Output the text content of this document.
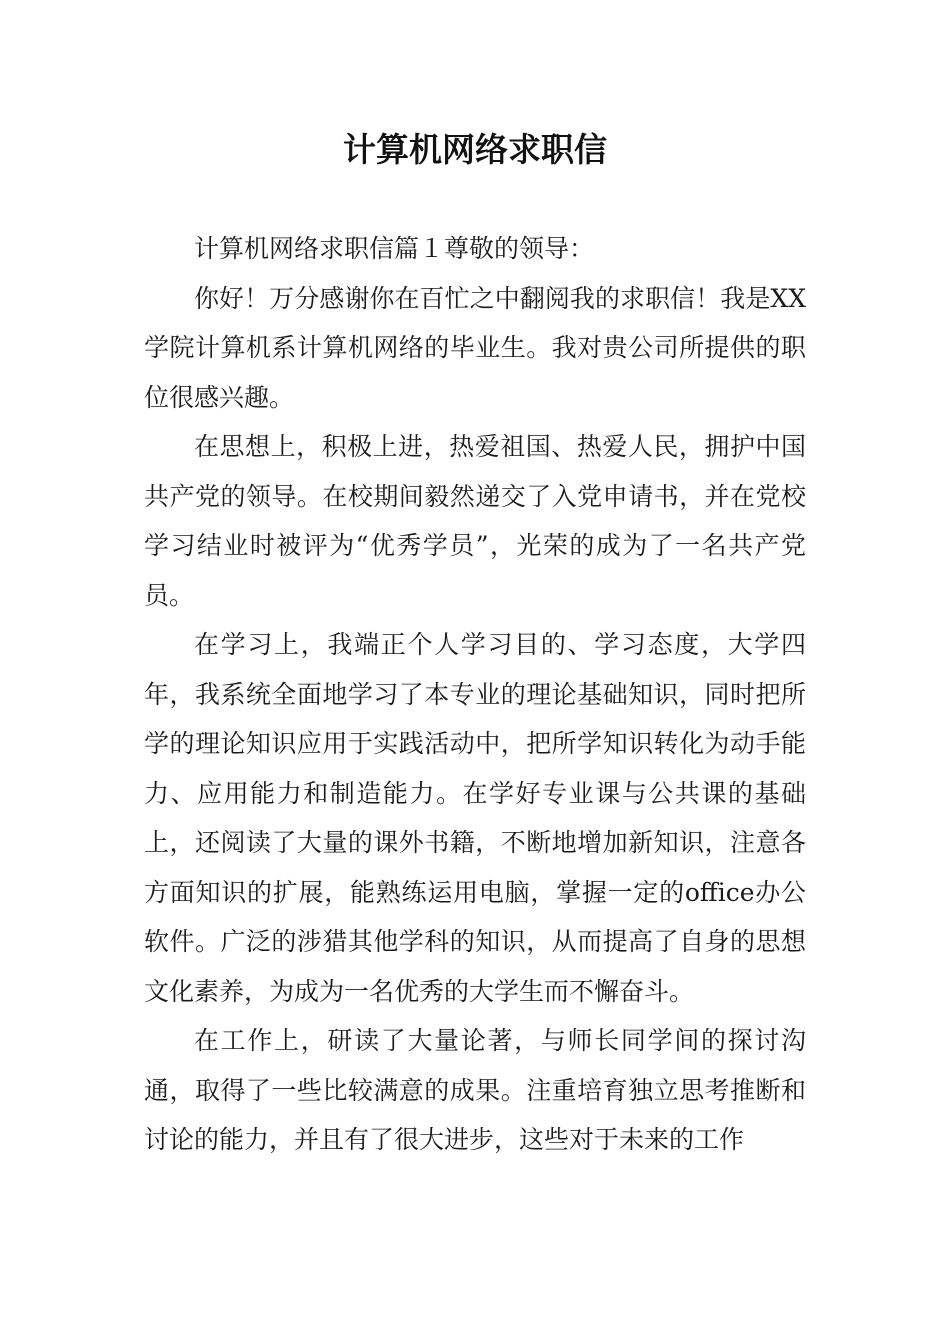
计算机网络求职信

计算机网络求职信篇１尊敬的领导：

你好！万分感谢你在百忙之中翻阅我的求职信！我是XX学院计算机系计算机网络的毕业生。我对贵公司所提供的职位很感兴趣。

在思想上，积极上进，热爱祖国、热爱人民，拥护中国共产党的领导。在校期间毅然递交了入党申请书，并在党校学习结业时被评为“优秀学员”，光荣的成为了一名共产党员。

在学习上，我端正个人学习目的、学习态度，大学四年，我系统全面地学习了本专业的理论基础知识，同时把所学的理论知识应用于实践活动中，把所学知识转化为动手能力、应用能力和制造能力。在学好专业课与公共课的基础上，还阅读了大量的课外书籍，不断地增加新知识，注意各方面知识的扩展，能熟练运用电脑，掌握一定的office办公软件。广泛的涉猎其他学科的知识，从而提高了自身的思想文化素养，为成为一名优秀的大学生而不懈奋斗。

在工作上，研读了大量论著，与师长同学间的探讨沟通，取得了一些比较满意的成果。注重培育独立思考推断和讨论的能力，并且有了很大进步，这些对于未来的工作
